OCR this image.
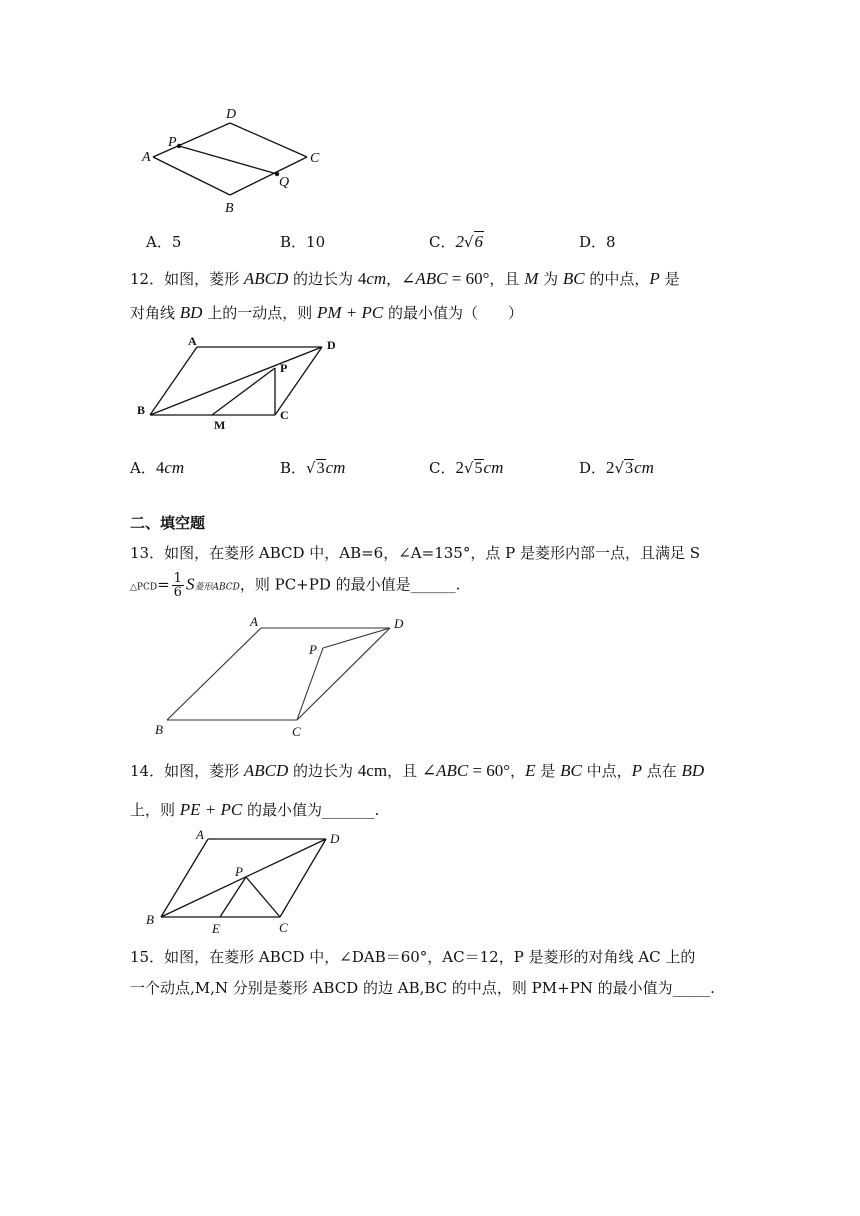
D
P
A	C
Q
B
A．5	B．10	C．2√6	D．8
12．如图，菱形 ABCD 的边长为 4cm，∠ABC = 60°，且 M 为 BC 的中点，P 是
对角线 BD 上的一动点，则 PM + PC 的最小值为（　　）
A	D
P
B	C
M
A．4cm	B．√3cm	C．2√5cm	D．2√3cm
二、填空题
13．如图，在菱形 ABCD 中，AB=6，∠A=135°，点 P 是菱形内部一点，且满足 S
△PCD= $\frac{1}{6}$ S菱形ABCD，则 PC+PD 的最小值是______.
A	D
P
B	C
14．如图，菱形 ABCD 的边长为 4cm，且 ∠ABC = 60°，E 是 BC 中点，P 点在 BD
上，则 PE + PC 的最小值为_______.
A	D
P
B
E	C
15．如图，在菱形 ABCD 中，∠DAB＝60°，AC＝12，P 是菱形的对角线 AC 上的
一个动点,M,N 分别是菱形 ABCD 的边 AB,BC 的中点，则 PM+PN 的最小值为_____.
